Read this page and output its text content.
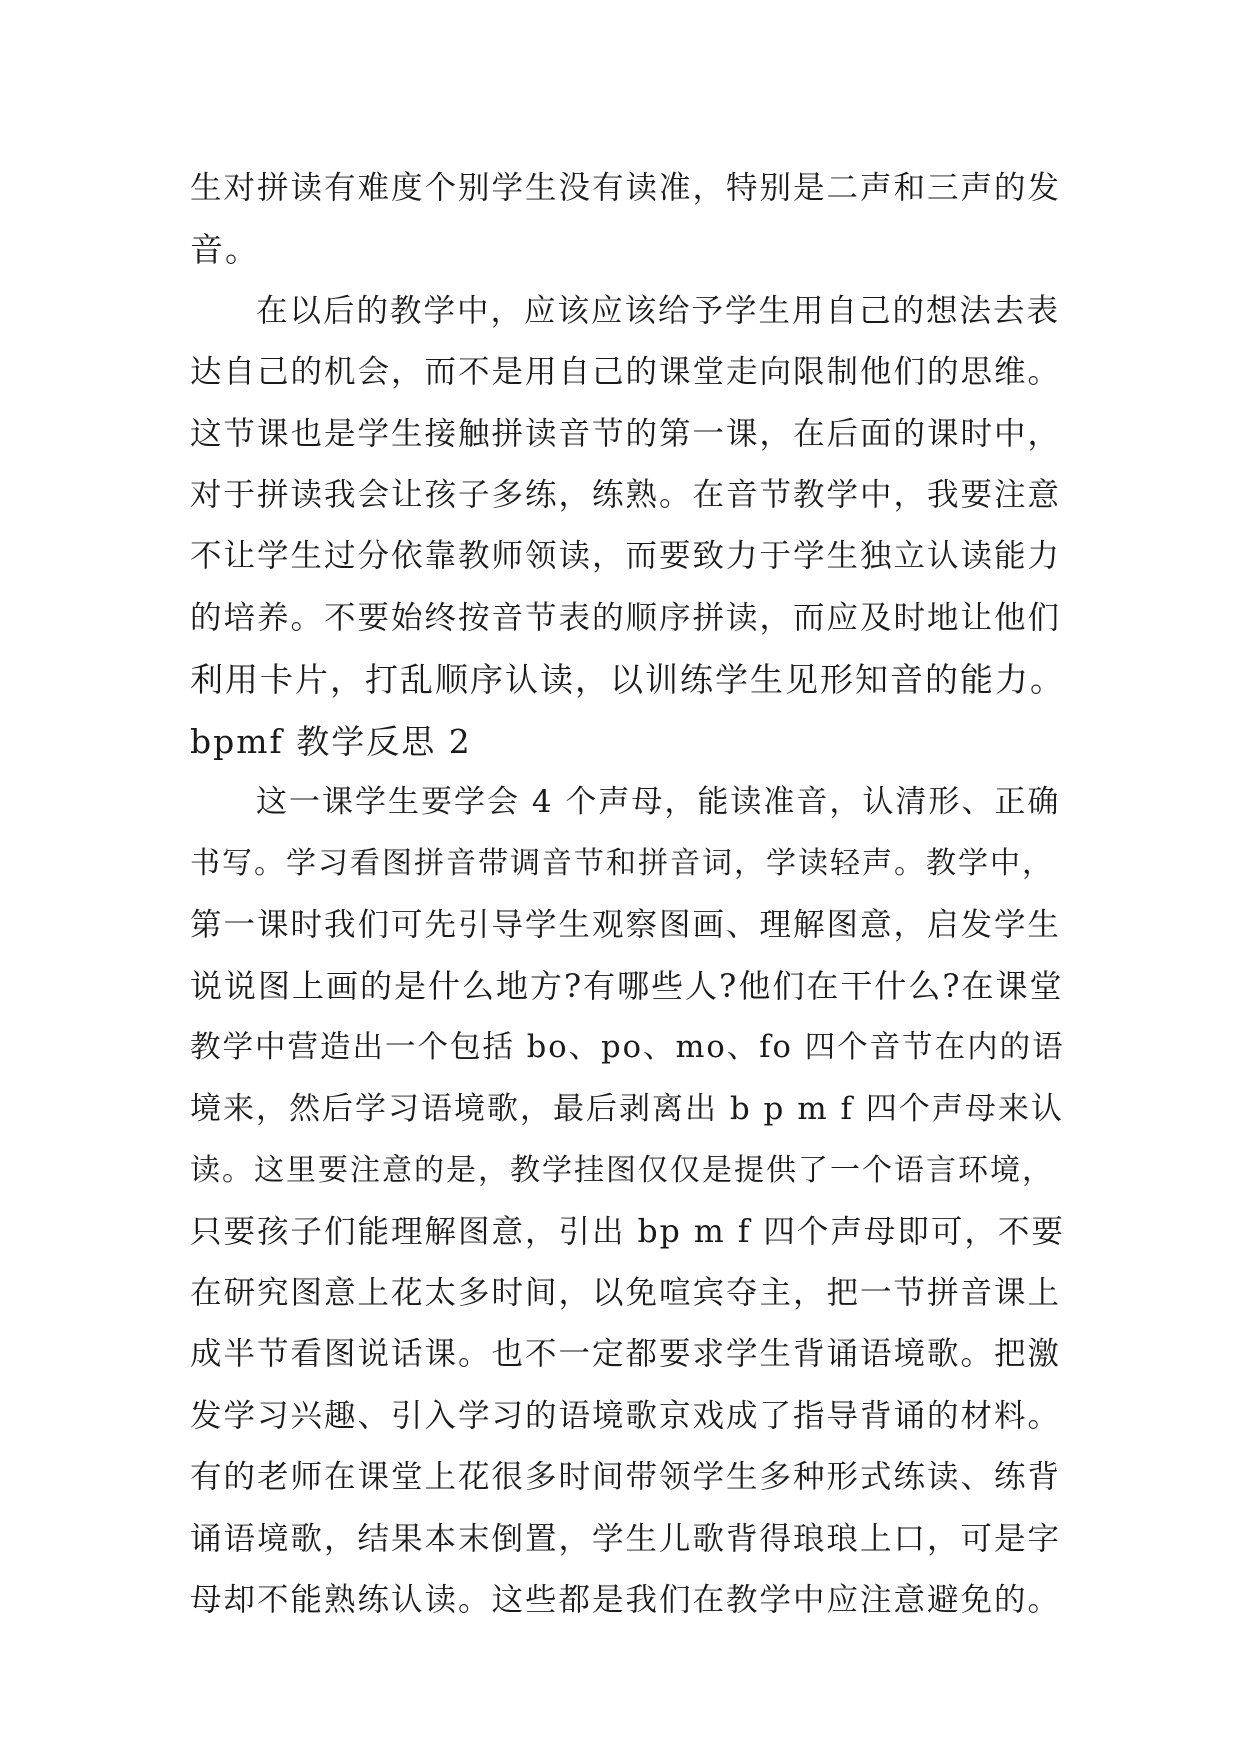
生对拼读有难度个别学生没有读准，特别是二声和三声的发
音。
在以后的教学中，应该应该给予学生用自己的想法去表
达自己的机会，而不是用自己的课堂走向限制他们的思维。
这节课也是学生接触拼读音节的第一课，在后面的课时中，
对于拼读我会让孩子多练，练熟。在音节教学中，我要注意
不让学生过分依靠教师领读，而要致力于学生独立认读能力
的培养。不要始终按音节表的顺序拼读，而应及时地让他们
利用卡片，打乱顺序认读，以训练学生见形知音的能力。
bpmf 教学反思 2
这一课学生要学会 4 个声母，能读准音，认清形、正确
书写。学习看图拼音带调音节和拼音词，学读轻声。教学中，
第一课时我们可先引导学生观察图画、理解图意，启发学生
说说图上画的是什么地方?有哪些人?他们在干什么?在课堂
教学中营造出一个包括 bo、po、mo、fo 四个音节在内的语
境来，然后学习语境歌，最后剥离出 b p m f 四个声母来认
读。这里要注意的是，教学挂图仅仅是提供了一个语言环境，
只要孩子们能理解图意，引出 bp m f 四个声母即可，不要
在研究图意上花太多时间，以免喧宾夺主，把一节拼音课上
成半节看图说话课。也不一定都要求学生背诵语境歌。把激
发学习兴趣、引入学习的语境歌京戏成了指导背诵的材料。
有的老师在课堂上花很多时间带领学生多种形式练读、练背
诵语境歌，结果本末倒置，学生儿歌背得琅琅上口，可是字
母却不能熟练认读。这些都是我们在教学中应注意避免的。
